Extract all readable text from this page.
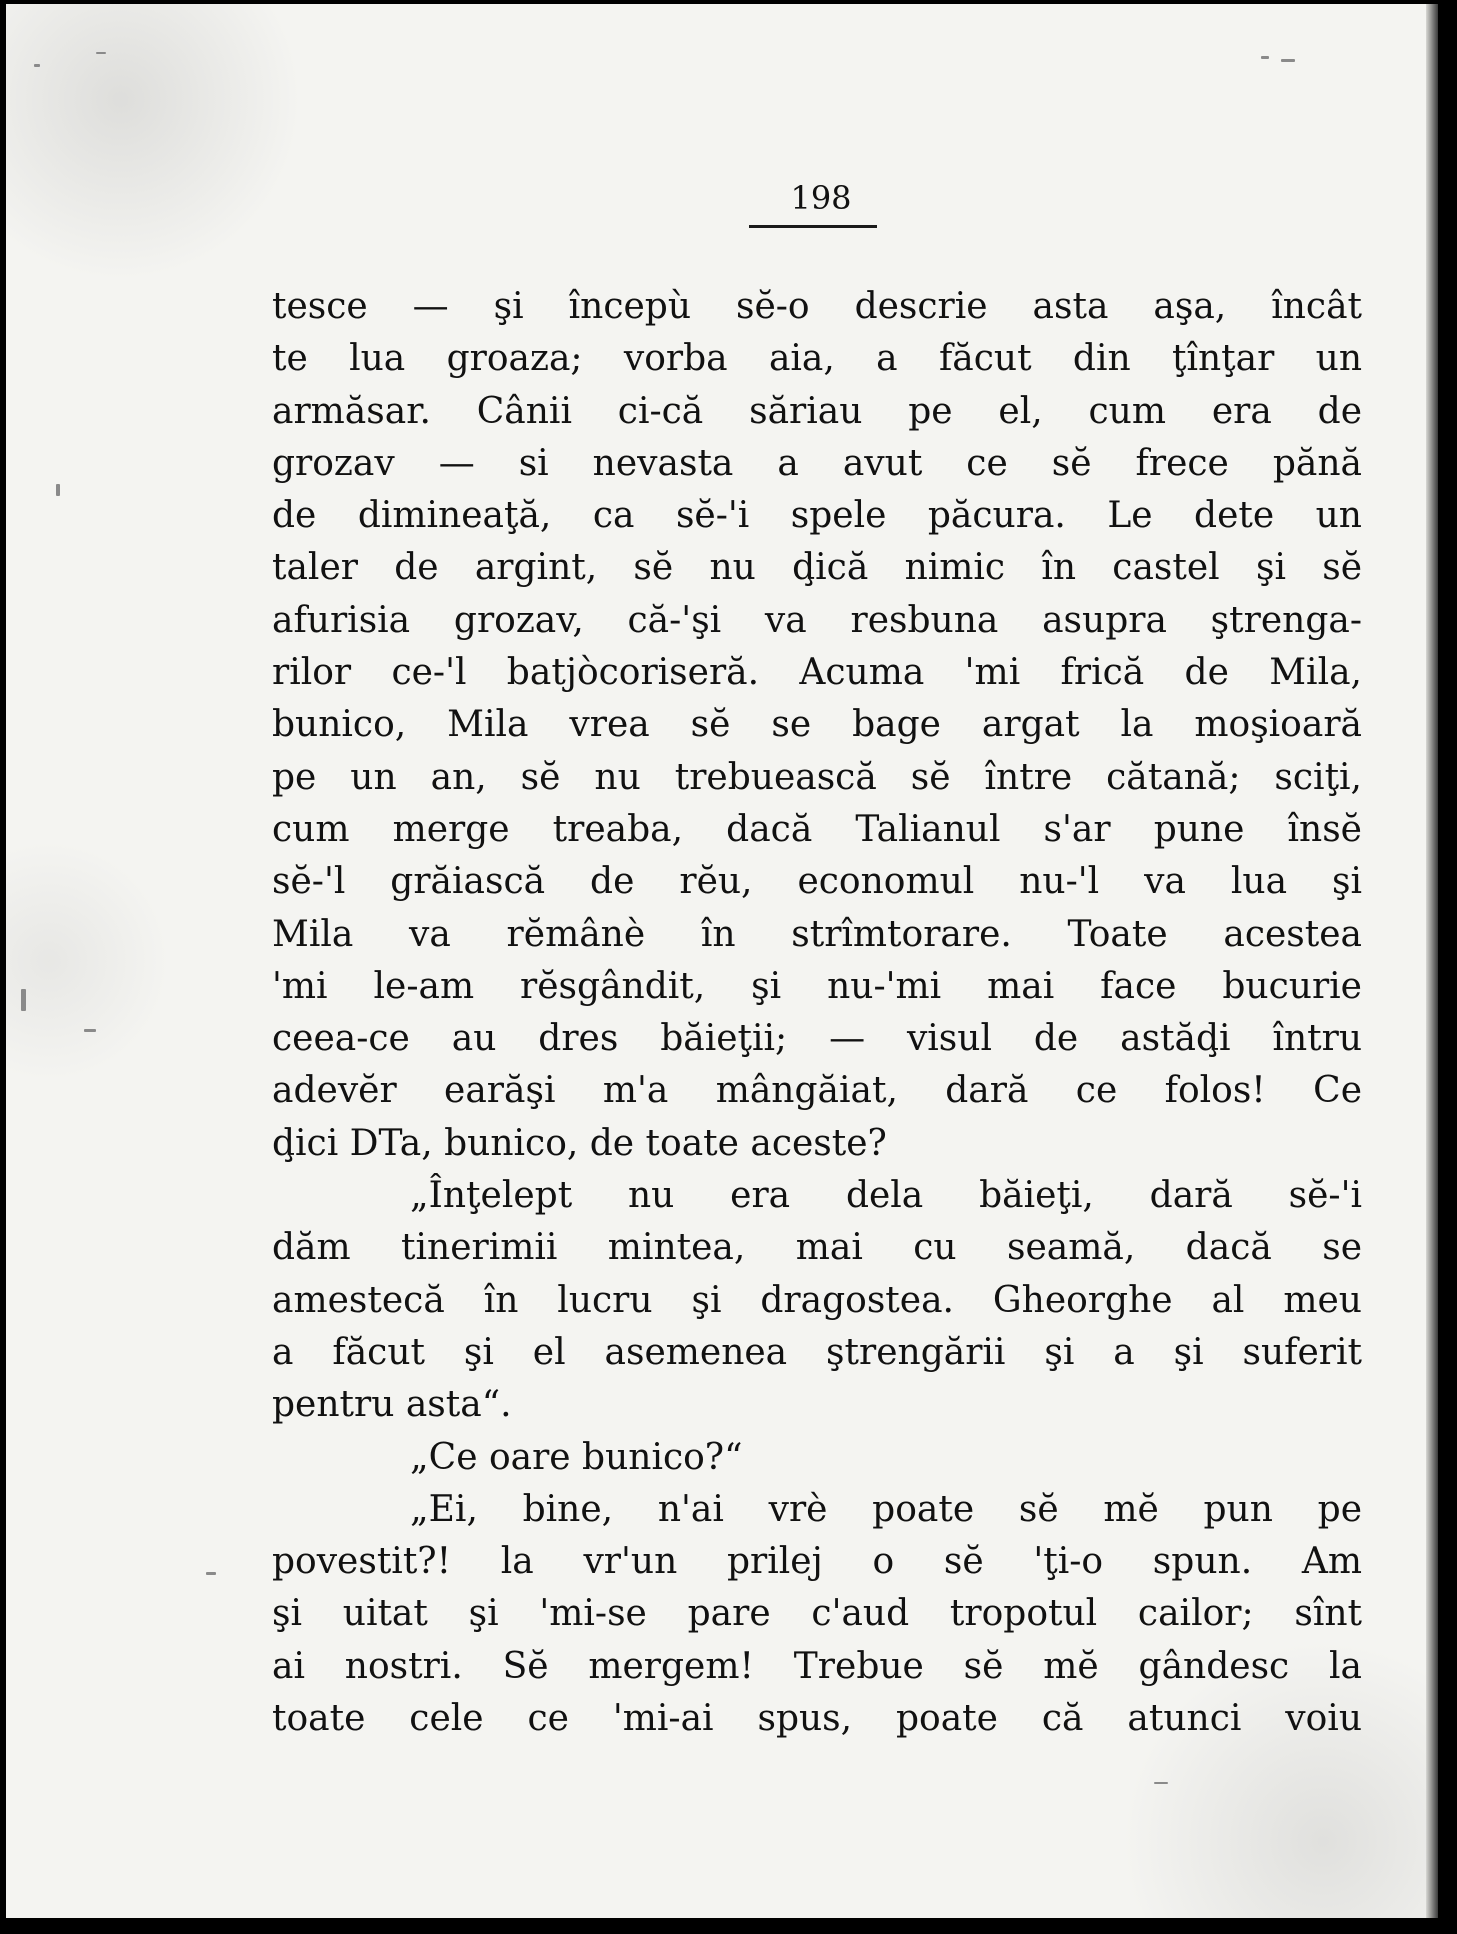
198
tesce — şi începù sĕ-o descrie asta aşa, încât
te lua groaza; vorba aia, a făcut din ţînţar un
armăsar. Cânii ci-că săriau pe el, cum era de
grozav — si nevasta a avut ce sĕ frece pănă
de dimineaţă, ca sĕ-'i spele păcura. Le dete un
taler de argint, sĕ nu ḑică nimic în castel şi sĕ
afurisia grozav, că-'şi va resbuna asupra ştrenga-
rilor ce-'l batjòcoriseră. Acuma 'mi frică de Mila,
bunico, Mila vrea sĕ se bage argat la moşioară
pe un an, sĕ nu trebuească sĕ între cătană; sciţi,
cum merge treaba, dacă Talianul s'ar pune însĕ
sĕ-'l grăiască de rĕu, economul nu-'l va lua şi
Mila va rĕmânè în strîmtorare. Toate acestea
'mi le-am rĕsgândit, şi nu-'mi mai face bucurie
ceea-ce au dres băieţii; — visul de astăḑi întru
adevĕr earăşi m'a mângăiat, dară ce folos! Ce
ḑici DTa, bunico, de toate aceste?
„Înţelept nu era dela băieţi, dară sĕ-'i
dăm tinerimii mintea, mai cu seamă, dacă se
amestecă în lucru şi dragostea. Gheorghe al meu
a făcut şi el asemenea ştrengării şi a şi suferit
pentru asta“.
„Ce oare bunico?“
„Ei, bine, n'ai vrè poate sĕ mĕ pun pe
povestit?! la vr'un prilej o sĕ 'ţi-o spun. Am
şi uitat şi 'mi-se pare c'aud tropotul cailor; sînt
ai nostri. Sĕ mergem! Trebue sĕ mĕ gândesc la
toate cele ce 'mi-ai spus, poate că atunci voiu
